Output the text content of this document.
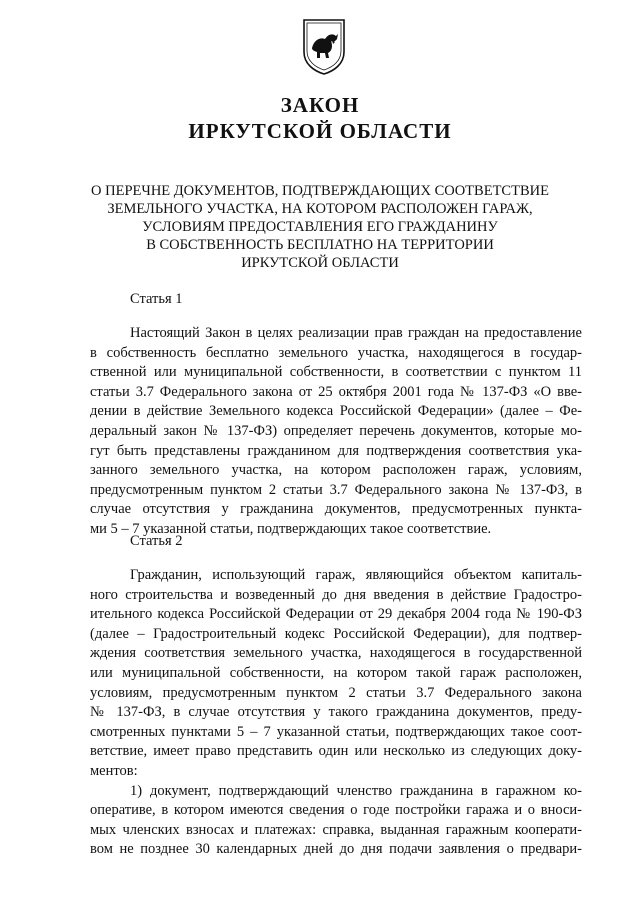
ЗАКОН
ИРКУТСКОЙ ОБЛАСТИ
О ПЕРЕЧНЕ ДОКУМЕНТОВ, ПОДТВЕРЖДАЮЩИХ СООТВЕТСТВИЕ
ЗЕМЕЛЬНОГО УЧАСТКА, НА КОТОРОМ РАСПОЛОЖЕН ГАРАЖ,
УСЛОВИЯМ ПРЕДОСТАВЛЕНИЯ ЕГО ГРАЖДАНИНУ
В СОБСТВЕННОСТЬ БЕСПЛАТНО НА ТЕРРИТОРИИ
ИРКУТСКОЙ ОБЛАСТИ
Статья 1
Настоящий Закон в целях реализации прав граждан на предоставление
в собственность бесплатно земельного участка, находящегося в государ-
ственной или муниципальной собственности, в соответствии с пунктом 11
статьи 3.7 Федерального закона от 25 октября 2001 года № 137-ФЗ «О вве-
дении в действие Земельного кодекса Российской Федерации» (далее – Фе-
деральный закон № 137-ФЗ) определяет перечень документов, которые мо-
гут быть представлены гражданином для подтверждения соответствия ука-
занного земельного участка, на котором расположен гараж, условиям,
предусмотренным пунктом 2 статьи 3.7 Федерального закона № 137-ФЗ, в
случае отсутствия у гражданина документов, предусмотренных пункта-
ми 5 – 7 указанной статьи, подтверждающих такое соответствие.
Статья 2
Гражданин, использующий гараж, являющийся объектом капиталь-
ного строительства и возведенный до дня введения в действие Градостро-
ительного кодекса Российской Федерации от 29 декабря 2004 года № 190-ФЗ
(далее – Градостроительный кодекс Российской Федерации), для подтвер-
ждения соответствия земельного участка, находящегося в государственной
или муниципальной собственности, на котором такой гараж расположен,
условиям, предусмотренным пунктом 2 статьи 3.7 Федерального закона
№ 137-ФЗ, в случае отсутствия у такого гражданина документов, преду-
смотренных пунктами 5 – 7 указанной статьи, подтверждающих такое соот-
ветствие, имеет право представить один или несколько из следующих доку-
ментов:
1) документ, подтверждающий членство гражданина в гаражном ко-
оперативе, в котором имеются сведения о годе постройки гаража и о вноси-
мых членских взносах и платежах: справка, выданная гаражным кооперати-
вом не позднее 30 календарных дней до дня подачи заявления о предвари-
